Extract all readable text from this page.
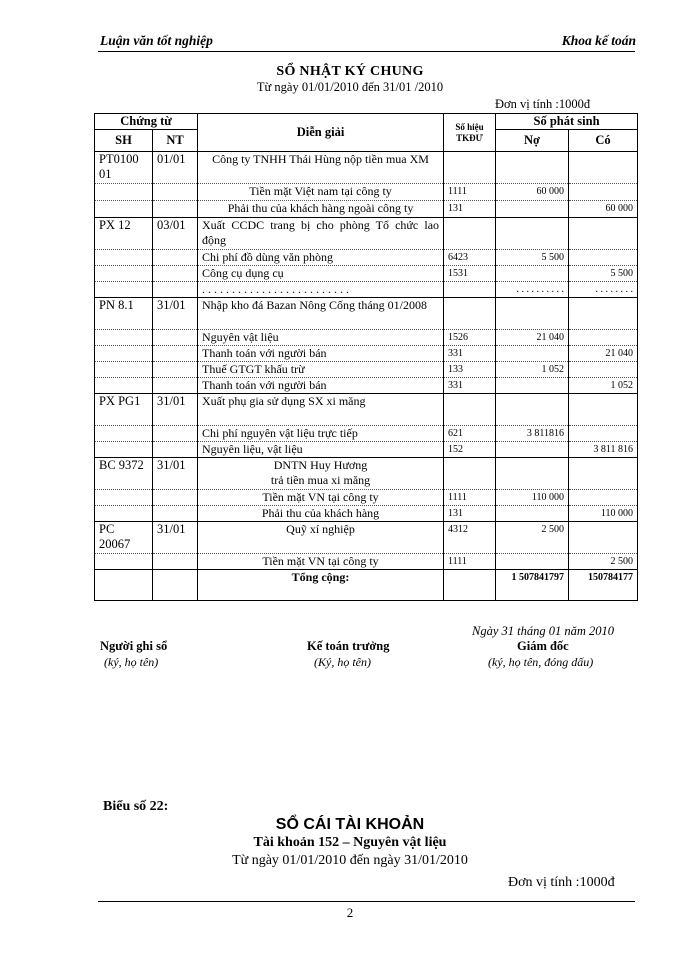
Luận văn tốt nghiệp	Khoa kế toán
SỔ NHẬT KÝ CHUNG
Từ ngày 01/01/2010 đến 31/01 /2010
Đơn vị tính :1000đ
Chứng từ		Diễn giải	Số hiệu TKĐƯ	Số phát sinh	
SH	NT			Nợ	Có
PT0100 01	01/01	Công ty TNHH Thái Hùng nộp tiền mua XM			
		Tiền mặt Việt nam tại công ty	1111	60 000	
		Phải thu của khách hàng ngoài công ty	131		60 000
PX 12	03/01	Xuất CCDC trang bị cho phòng Tổ chức lao động			
		Chi phí đồ dùng văn phòng	6423	5 500	
		Công cụ dụng cụ	1531		5 500
		. . . . . . . . . . . . . . . . . . . . . . . . .		. . . . . . . . . .	. . . . . . . .
PN 8.1	31/01	Nhập kho đá Bazan Nông Cống tháng 01/2008			
		Nguyên vật liệu	1526	21 040	
		Thanh toán với người bán	331		21 040
		Thuế GTGT khấu trừ	133	1 052	
		Thanh toán với người bán	331		1 052
PX PG1	31/01	Xuất phụ gia sử dụng SX xi măng			
		Chi phí nguyên vật liệu trực tiếp	621	3 811816	
		Nguyên liệu, vật liệu	152		3 811 816
BC 9372	31/01	DNTN Huy Hương
trả tiền mua xi măng			

		Tiền mặt VN tại công ty	1111	110 000	
		Phải thu của khách hàng	131		110 000
PC 20067	31/01	Quỹ xí nghiệp	4312	2 500	
		Tiền mặt VN tại công ty	1111		2 500
		Tổng cộng:		1 507841797	150784177
Ngày 31 tháng 01 năm 2010
Người ghi sổ
(ký, họ tên)
Kế toán trưởng
(Ký, họ tên)
Giám đốc
(ký, họ tên, đóng dấu)
Biểu số 22:
SỔ CÁI TÀI KHOẢN
Tài khoản 152 – Nguyên vật liệu
Từ ngày 01/01/2010 đến ngày 31/01/2010
Đơn vị tính :1000đ
2
